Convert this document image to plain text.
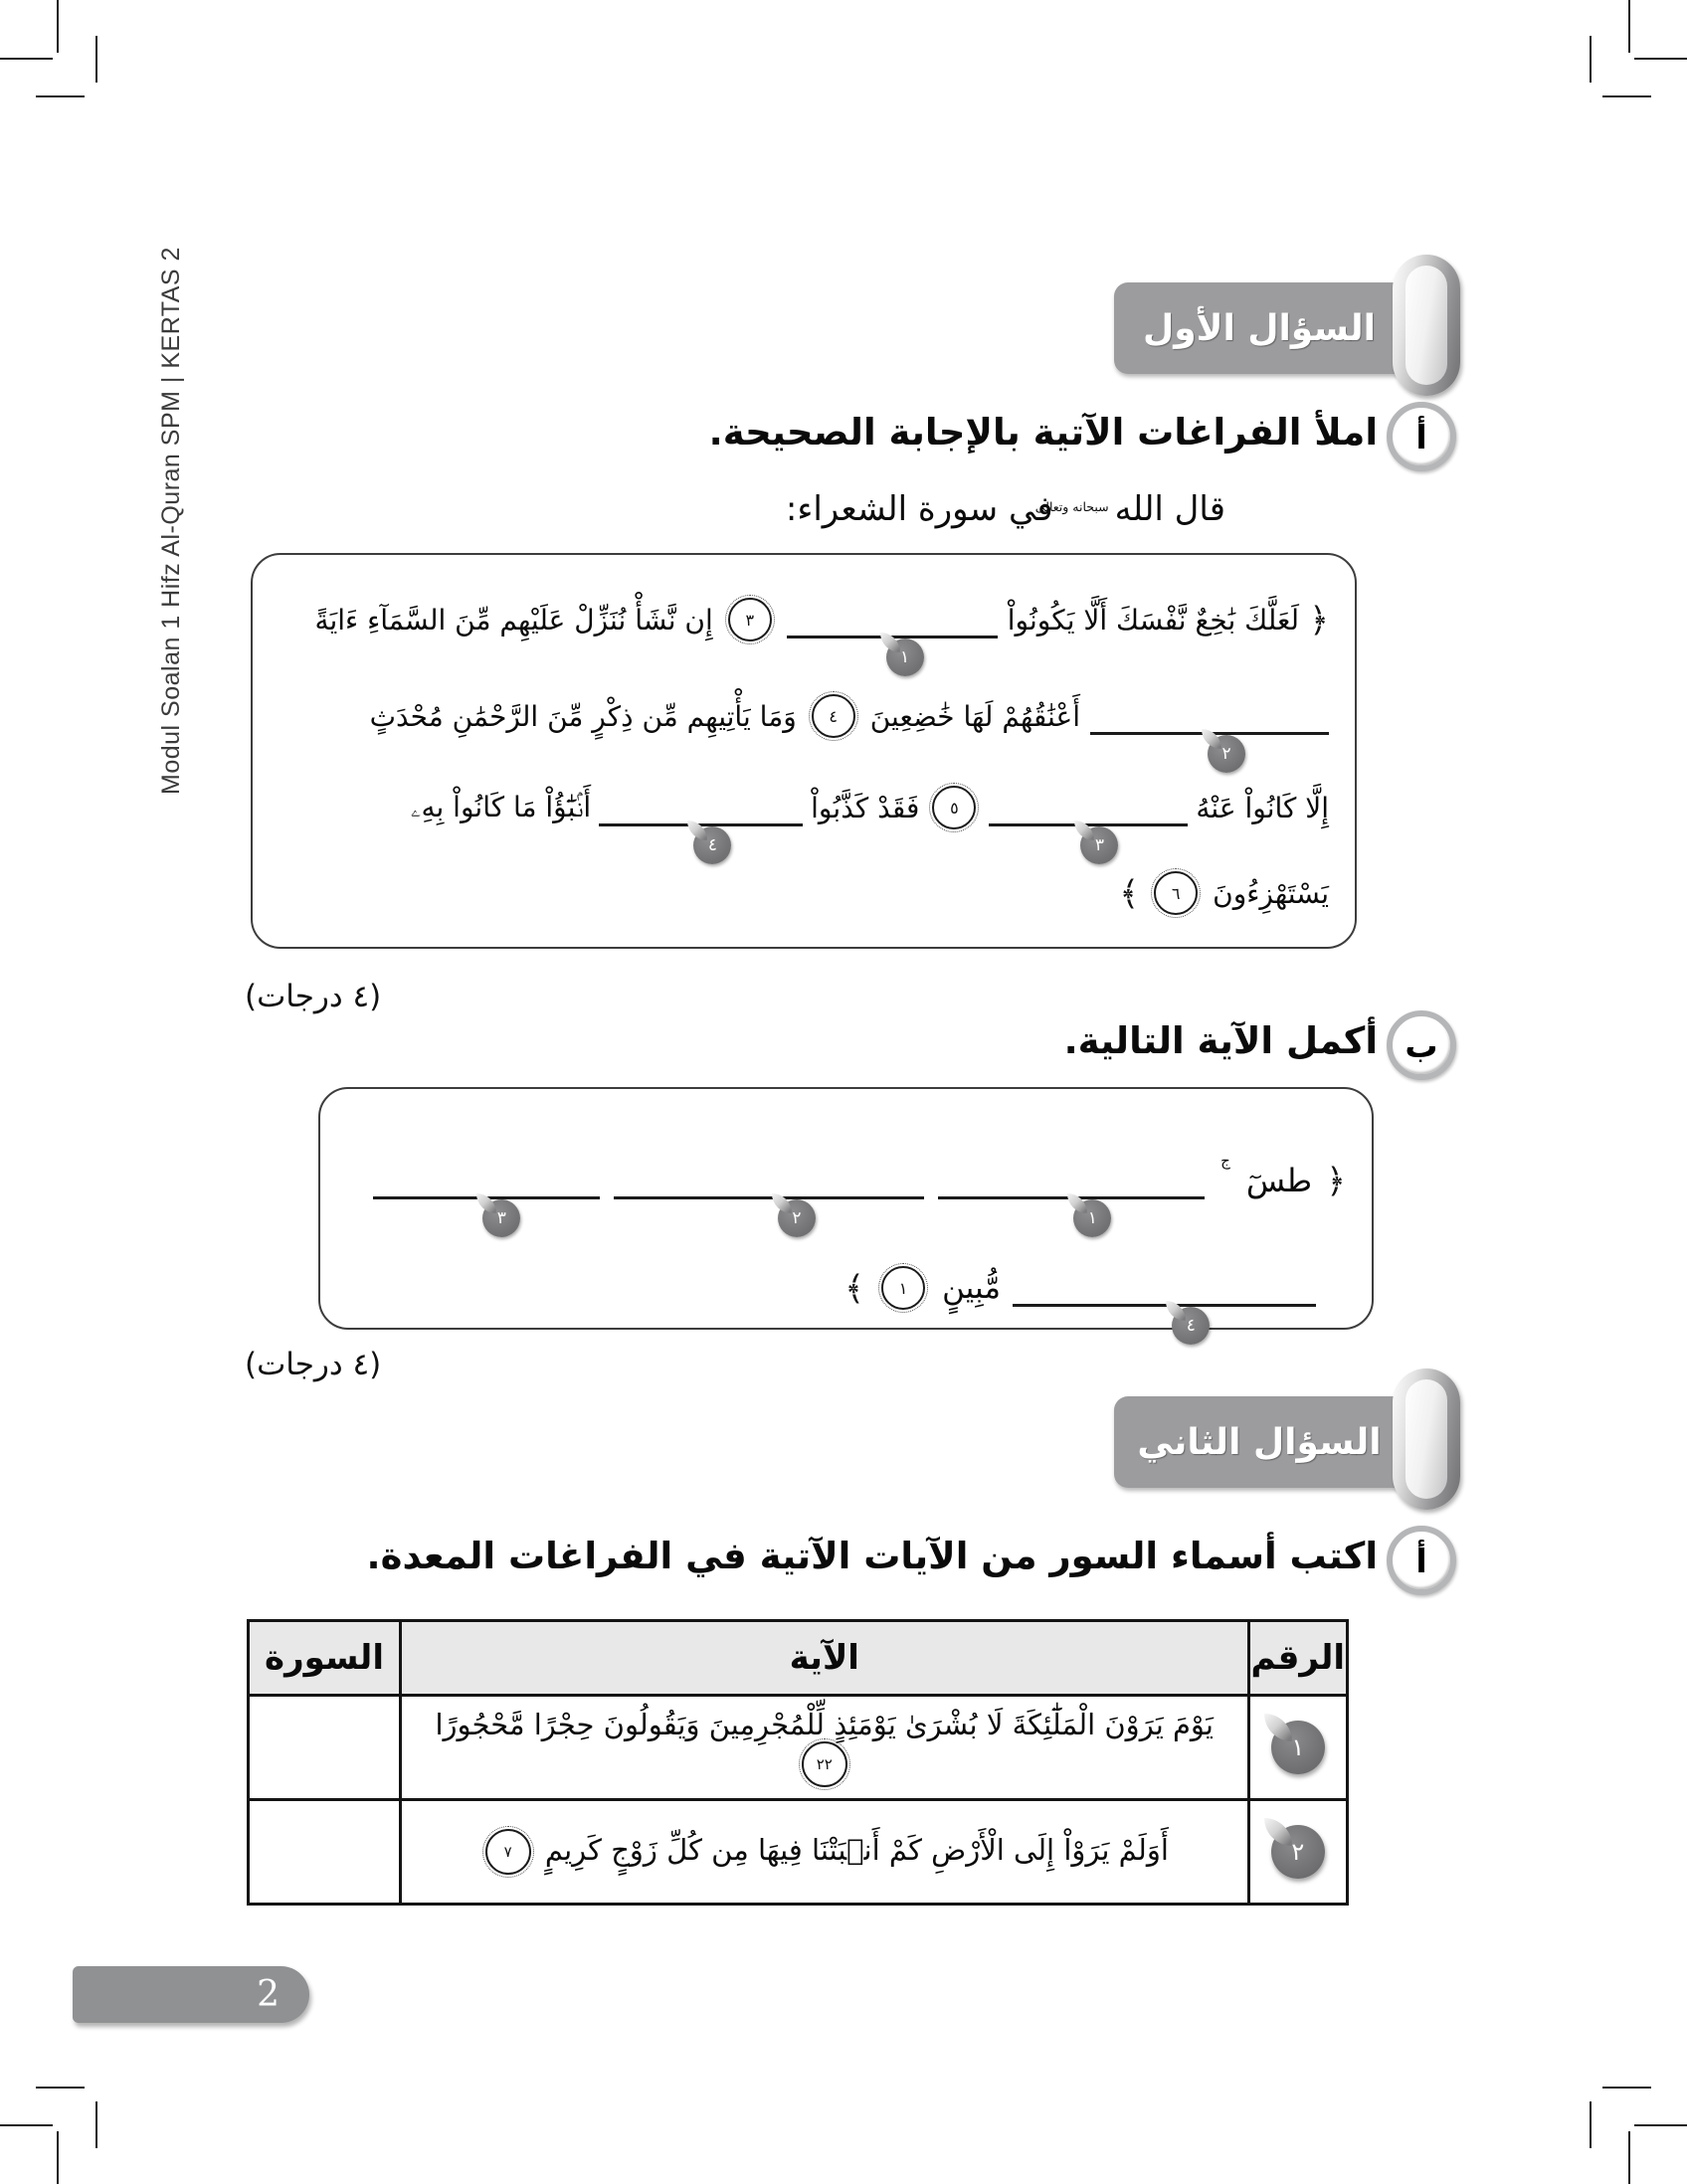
Modul Soalan 1 Hifz Al-Quran SPM | KERTAS 2	السؤال الأول
أ
املأ الفراغات الآتية بالإجابة الصحيحة.
قال اللهسبحانه وتعالىفي سورة الشعراء:
﴿
لَعَلَّكَ بَٰخِعٌ نَّفْسَكَ أَلَّا يَكُونُواْ
١
٣
إِن نَّشَأْ نُنَزِّلْ عَلَيْهِم مِّنَ السَّمَآءِ ءَايَةً
٢
أَعْنَٰقُهُمْ لَهَا خَٰضِعِينَ
٤
وَمَا يَأْتِيهِم مِّن ذِكْرٍ مِّنَ الرَّحْمَٰنِ مُحْدَثٍ
إِلَّا كَانُواْ عَنْهُ
٣
٥
فَقَدْ كَذَّبُواْ
٤
أَنۢبَٰٓؤُاْ مَا كَانُواْ بِهِۦ
يَسْتَهْزِءُونَ
٦
﴾
(٤ درجات)
ب
أكمل الآية التالية.
﴿
طسٓ
ج
١
٢
٣
٤
مُّبِينٍ
١
﴾
(٤ درجات)
السؤال الثاني
أ
اكتب أسماء السور من الآيات الآتية في الفراغات المعدة.
الرقم	الآية	السورة

١	يَوْمَ يَرَوْنَ الْمَلَٰٓئِكَةَ لَا بُشْرَىٰ يَوْمَئِذٍ لِّلْمُجْرِمِينَ وَيَقُولُونَ حِجْرًا مَّحْجُورًا ٢٢	

٢	أَوَلَمْ يَرَوْاْ إِلَى الْأَرْضِ كَمْ أَنۢبَتْنَا فِيهَا مِن كُلِّ زَوْجٍ كَرِيمٍ ٧	
2
